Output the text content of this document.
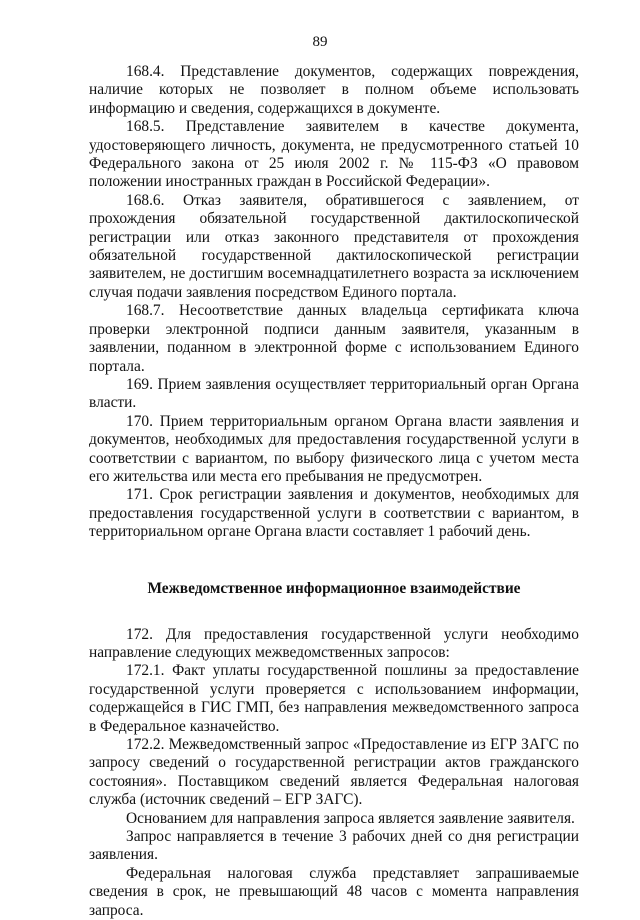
89

168.4. Представление документов, содержащих повреждения, наличие которых не позволяет в полном объеме использовать информацию и сведения, содержащихся в документе.

168.5. Представление заявителем в качестве документа, удостоверяющего личность, документа, не предусмотренного статьей 10 Федерального закона от 25 июля 2002 г. № 115-ФЗ «О правовом положении иностранных граждан в Российской Федерации».

168.6. Отказ заявителя, обратившегося с заявлением, от прохождения обязательной государственной дактилоскопической регистрации или отказ законного представителя от прохождения обязательной государственной дактилоскопической регистрации заявителем, не достигшим восемнадцатилетнего возраста за исключением случая подачи заявления посредством Единого портала.

168.7. Несоответствие данных владельца сертификата ключа проверки электронной подписи данным заявителя, указанным в заявлении, поданном в электронной форме с использованием Единого портала.

169. Прием заявления осуществляет территориальный орган Органа власти.

170. Прием территориальным органом Органа власти заявления и документов, необходимых для предоставления государственной услуги в соответствии с вариантом, по выбору физического лица с учетом места его жительства или места его пребывания не предусмотрен.

171. Срок регистрации заявления и документов, необходимых для предоставления государственной услуги в соответствии с вариантом, в территориальном органе Органа власти составляет 1 рабочий день.

Межведомственное информационное взаимодействие

172. Для предоставления государственной услуги необходимо направление следующих межведомственных запросов:

172.1. Факт уплаты государственной пошлины за предоставление государственной услуги проверяется с использованием информации, содержащейся в ГИС ГМП, без направления межведомственного запроса в Федеральное казначейство.

172.2. Межведомственный запрос «Предоставление из ЕГР ЗАГС по запросу сведений о государственной регистрации актов гражданского состояния». Поставщиком сведений является Федеральная налоговая служба (источник сведений – ЕГР ЗАГС).

Основанием для направления запроса является заявление заявителя.

Запрос направляется в течение 3 рабочих дней со дня регистрации заявления.

Федеральная налоговая служба представляет запрашиваемые сведения в срок, не превышающий 48 часов с момента направления запроса.
